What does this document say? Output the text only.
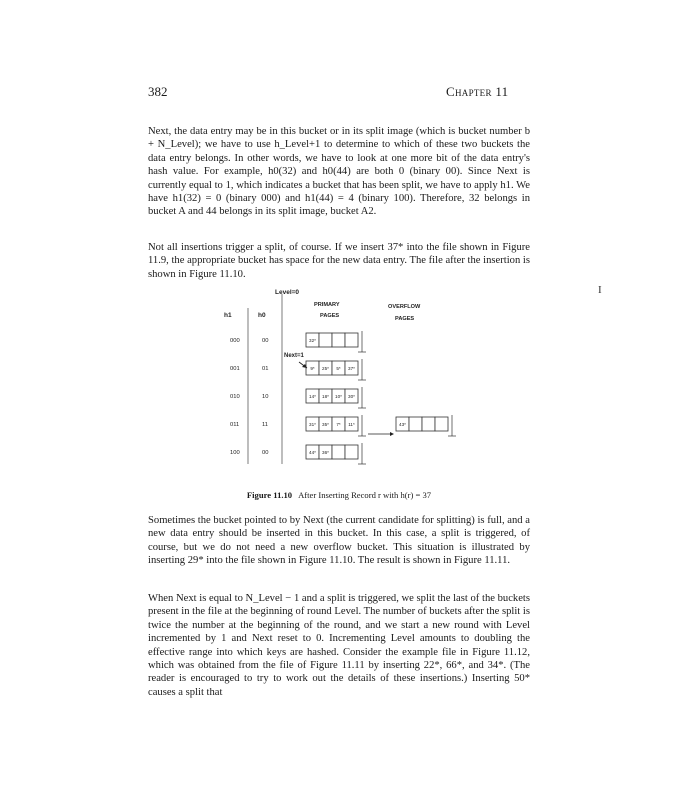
382	Chapter 11

Next, the data entry may be in this bucket or in its split image (which is bucket number b + N_Level); we have to use h_Level+1 to determine to which of these two buckets the data entry belongs. In other words, we have to look at one more bit of the data entry's hash value. For example, h0(32) and h0(44) are both 0 (binary 00). Since Next is currently equal to 1, which indicates a bucket that has been split, we have to apply h1. We have h1(32) = 0 (binary 000) and h1(44) = 4 (binary 100). Therefore, 32 belongs in bucket A and 44 belongs in its split image, bucket A2.

Not all insertions trigger a split, of course. If we insert 37* into the file shown in Figure 11.9, the appropriate bucket has space for the new data entry. The file after the insertion is shown in Figure 11.10.

I
Level=0
h1	h0
PRIMARY
PAGES
OVERFLOW
PAGES
000	00
001	01
010	10
011	11
100	00
32*
9* 25* 5* 37*
14* 18* 10* 30*
31* 35* 7* 11*
44* 36*
Next=1
43*

Figure 11.10 After Inserting Record r with h(r) = 37

Sometimes the bucket pointed to by Next (the current candidate for splitting) is full, and a new data entry should be inserted in this bucket. In this case, a split is triggered, of course, but we do not need a new overflow bucket. This situation is illustrated by inserting 29* into the file shown in Figure 11.10. The result is shown in Figure 11.11.

When Next is equal to N_Level − 1 and a split is triggered, we split the last of the buckets present in the file at the beginning of round Level. The number of buckets after the split is twice the number at the beginning of the round, and we start a new round with Level incremented by 1 and Next reset to 0. Incrementing Level amounts to doubling the effective range into which keys are hashed. Consider the example file in Figure 11.12, which was obtained from the file of Figure 11.11 by inserting 22*, 66*, and 34*. (The reader is encouraged to try to work out the details of these insertions.) Inserting 50* causes a split that
